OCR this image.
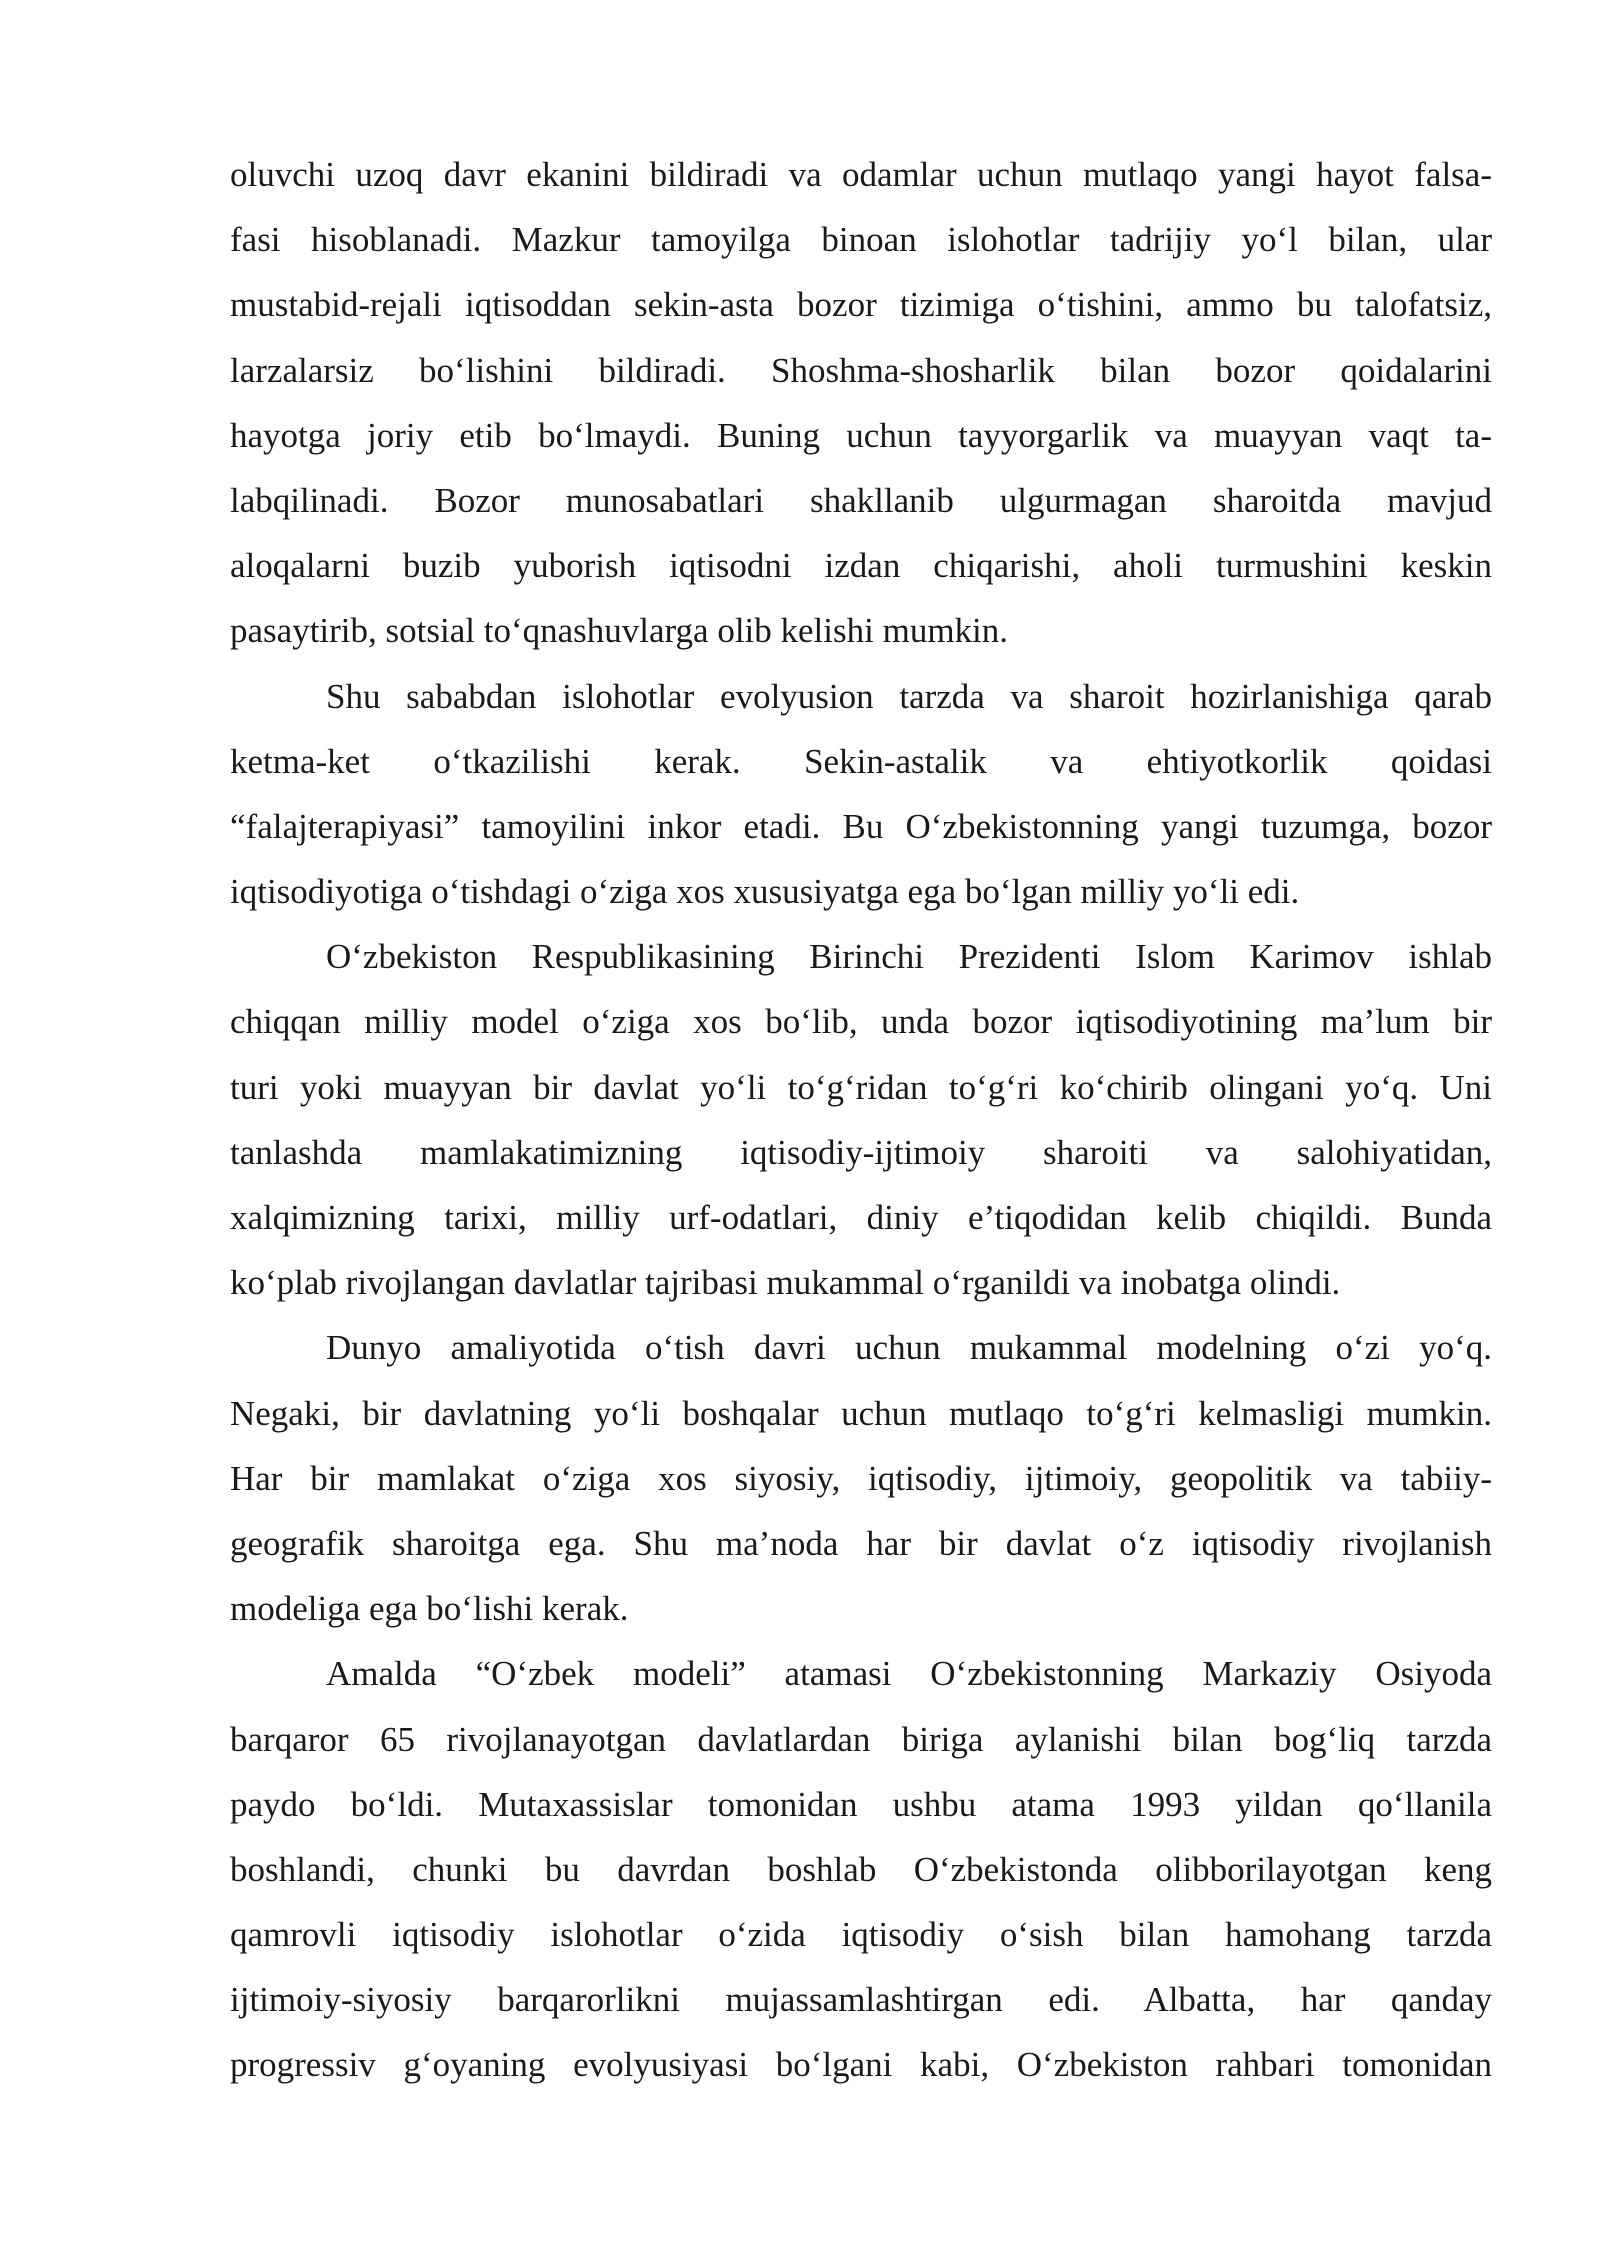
oluvchi uzoq davr ekanini bildiradi va odamlar uchun mutlaqo yangi hayot falsa-
fasi hisoblanadi. Mazkur tamoyilga binoan islohotlar tadrijiy yo‘l bilan, ular
mustabid-rejali iqtisoddan sekin-asta bozor tizimiga o‘tishini, ammo bu talofatsiz,
larzalarsiz bo‘lishini bildiradi. Shoshma-shosharlik bilan bozor qoidalarini
hayotga joriy etib bo‘lmaydi. Buning uchun tayyorgarlik va muayyan vaqt ta-
labqilinadi. Bozor munosabatlari shakllanib ulgurmagan sharoitda mavjud
aloqalarni buzib yuborish iqtisodni izdan chiqarishi, aholi turmushini keskin
pasaytirib, sotsial to‘qnashuvlarga olib kelishi mumkin.
Shu sababdan islohotlar evolyusion tarzda va sharoit hozirlanishiga qarab
ketma-ket o‘tkazilishi kerak. Sekin-astalik va ehtiyotkorlik qoidasi
“falajterapiyasi” tamoyilini inkor etadi. Bu O‘zbekistonning yangi tuzumga, bozor
iqtisodiyotiga o‘tishdagi o‘ziga xos xususiyatga ega bo‘lgan milliy yo‘li edi.
O‘zbekiston Respublikasining Birinchi Prezidenti Islom Karimov ishlab
chiqqan milliy model o‘ziga xos bo‘lib, unda bozor iqtisodiyotining ma’lum bir
turi yoki muayyan bir davlat yo‘li to‘g‘ridan to‘g‘ri ko‘chirib olingani yo‘q. Uni
tanlashda mamlakatimizning iqtisodiy-ijtimoiy sharoiti va salohiyatidan,
xalqimizning tarixi, milliy urf-odatlari, diniy e’tiqodidan kelib chiqildi. Bunda
ko‘plab rivojlangan davlatlar tajribasi mukammal o‘rganildi va inobatga olindi.
Dunyo amaliyotida o‘tish davri uchun mukammal modelning o‘zi yo‘q.
Negaki, bir davlatning yo‘li boshqalar uchun mutlaqo to‘g‘ri kelmasligi mumkin.
Har bir mamlakat o‘ziga xos siyosiy, iqtisodiy, ijtimoiy, geopolitik va tabiiy-
geografik sharoitga ega. Shu ma’noda har bir davlat o‘z iqtisodiy rivojlanish
modeliga ega bo‘lishi kerak.
Amalda “O‘zbek modeli” atamasi O‘zbekistonning Markaziy Osiyoda
barqaror 65 rivojlanayotgan davlatlardan biriga aylanishi bilan bog‘liq tarzda
paydo bo‘ldi. Mutaxassislar tomonidan ushbu atama 1993 yildan qo‘llanila
boshlandi, chunki bu davrdan boshlab O‘zbekistonda olibborilayotgan keng
qamrovli iqtisodiy islohotlar o‘zida iqtisodiy o‘sish bilan hamohang tarzda
ijtimoiy-siyosiy barqarorlikni mujassamlashtirgan edi. Albatta, har qanday
progressiv g‘oyaning evolyusiyasi bo‘lgani kabi, O‘zbekiston rahbari tomonidan
